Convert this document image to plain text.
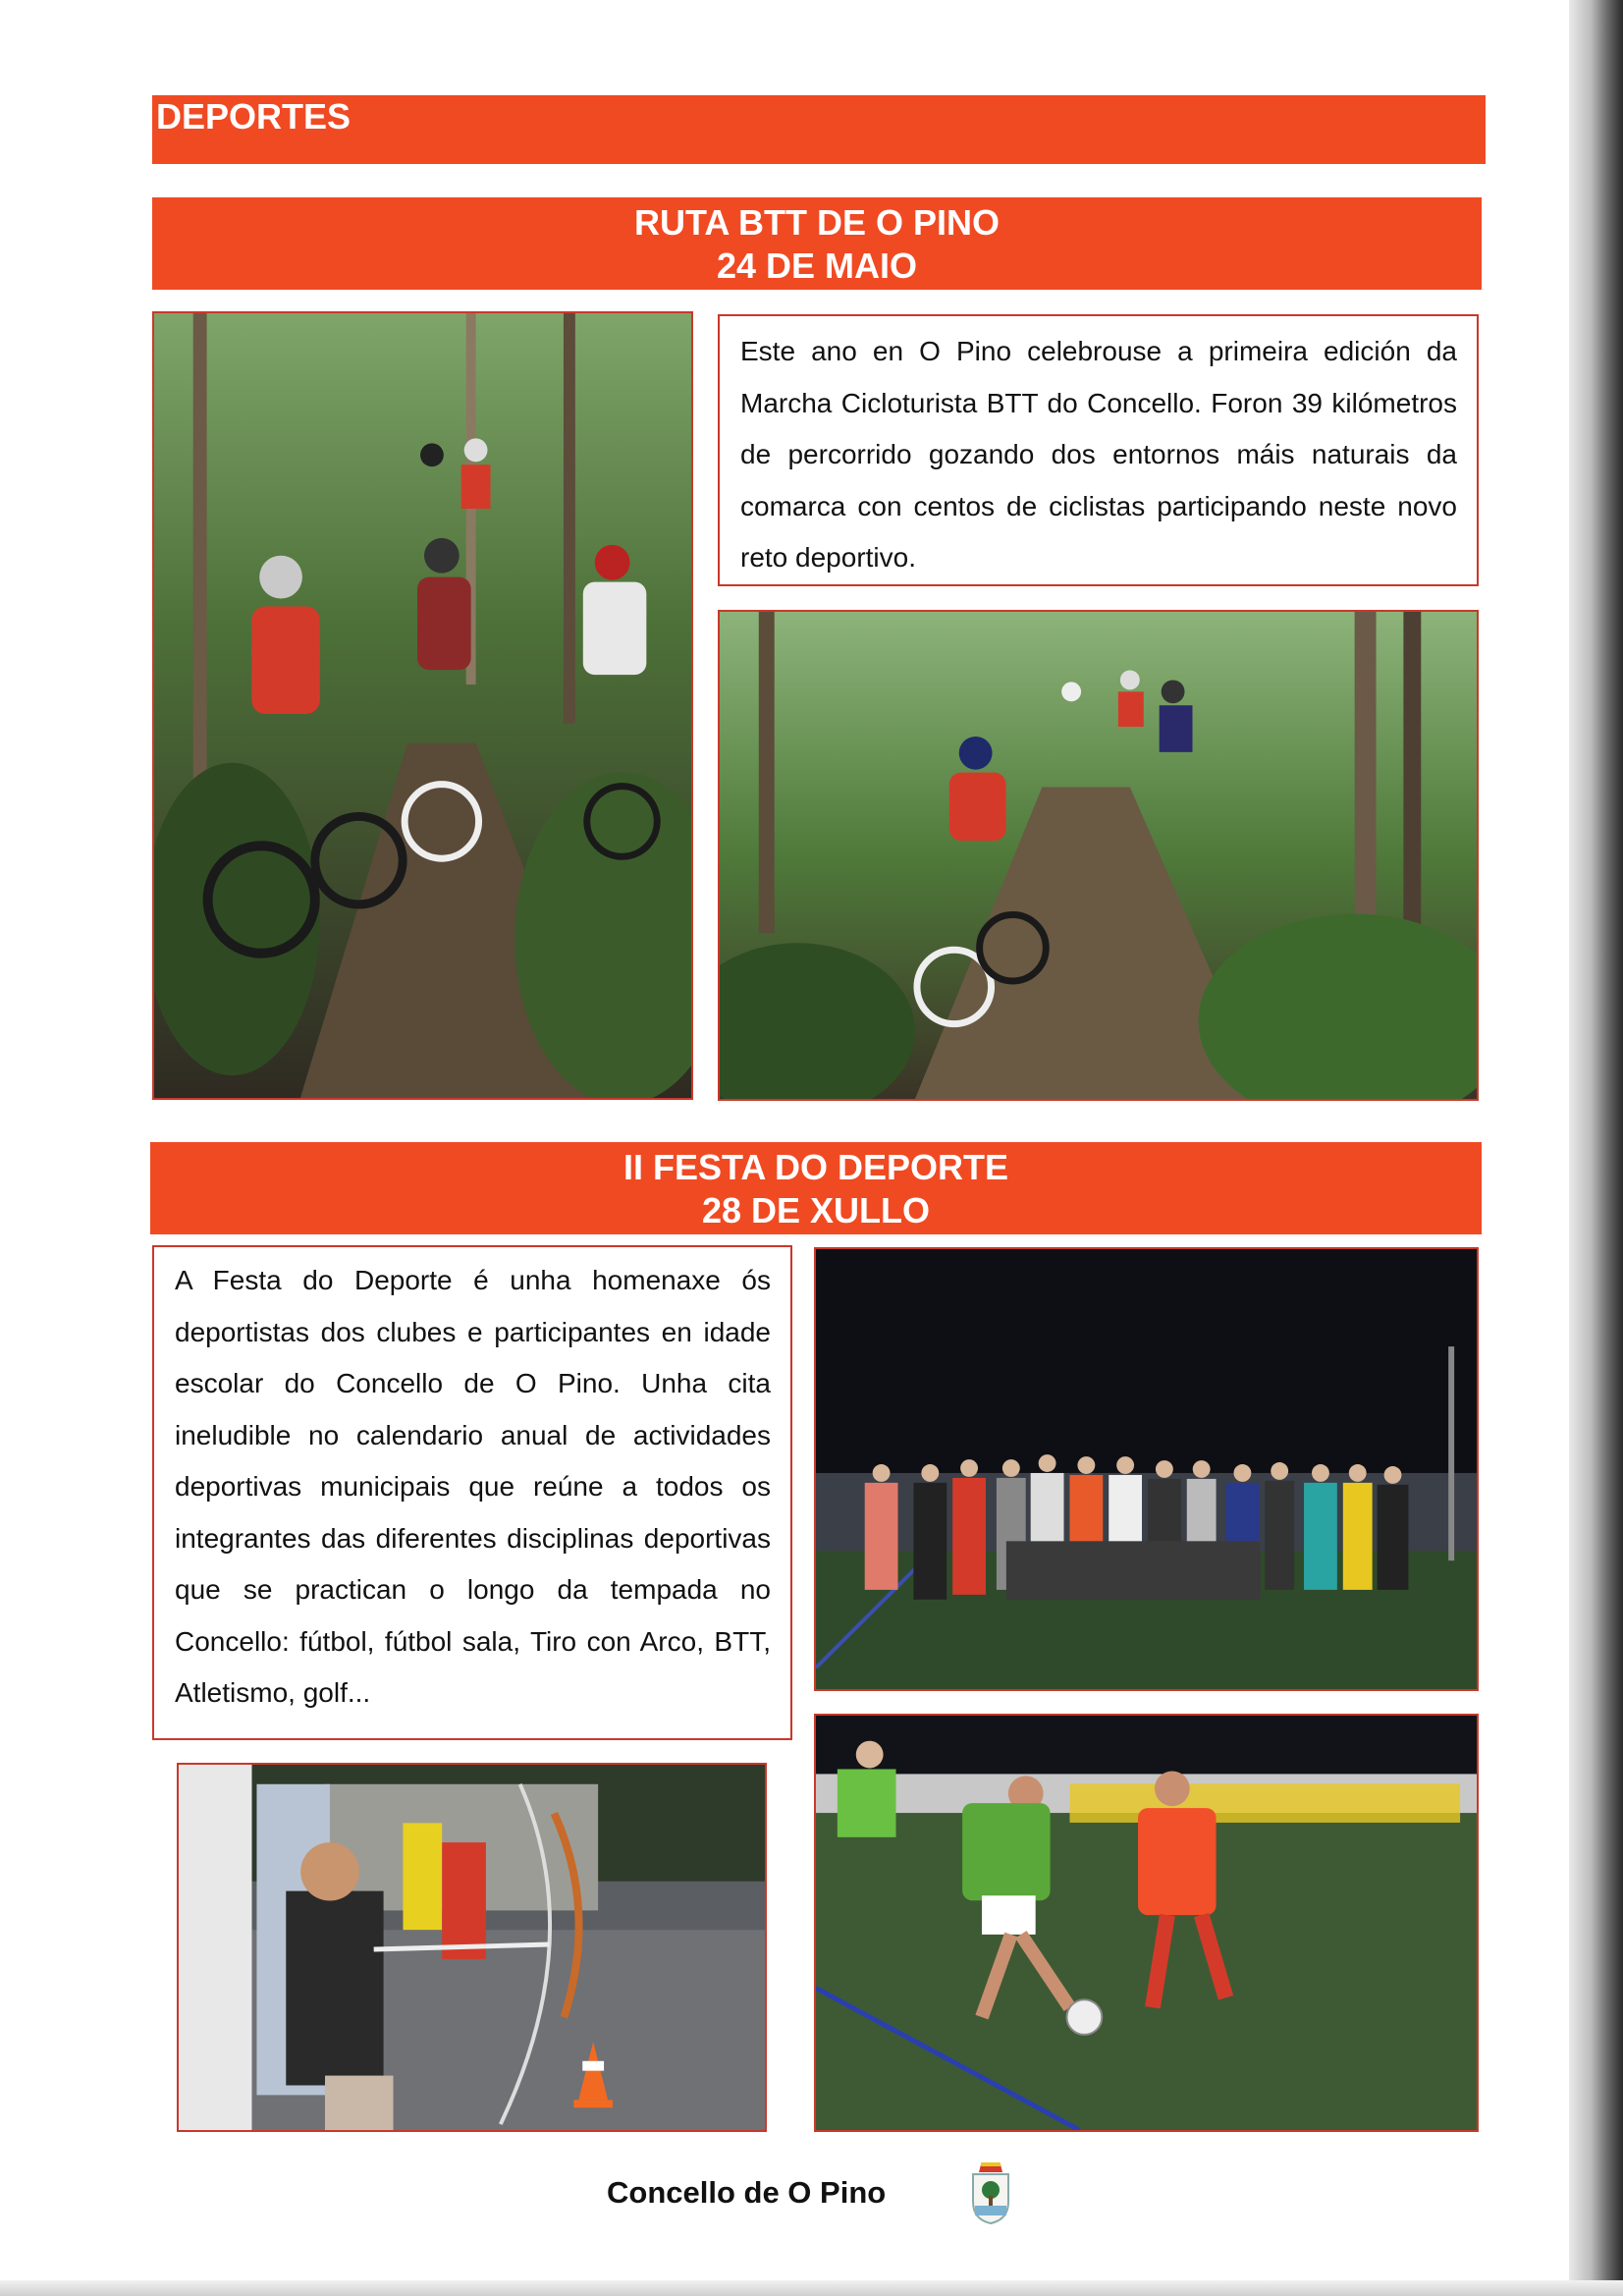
DEPORTES
RUTA BTT DE O PINO
24 DE MAIO
Este ano en O Pino celebrouse a primeira edición da Marcha Cicloturista BTT do Concello. Foron 39 kilómetros de percorrido gozando dos entornos máis naturais da comarca con centos de ciclistas participando neste novo reto deportivo.
II FESTA DO DEPORTE
28 DE XULLO
A Festa do Deporte é unha homenaxe ós deportistas dos clubes e participantes en idade escolar do Concello de O Pino. Unha cita ineludible no calendario anual de actividades deportivas municipais que reúne a todos os integrantes das diferentes disciplinas deportivas que se practican o longo da tempada no Concello: fútbol, fútbol sala, Tiro con Arco, BTT, Atletismo, golf...
Concello de O Pino
